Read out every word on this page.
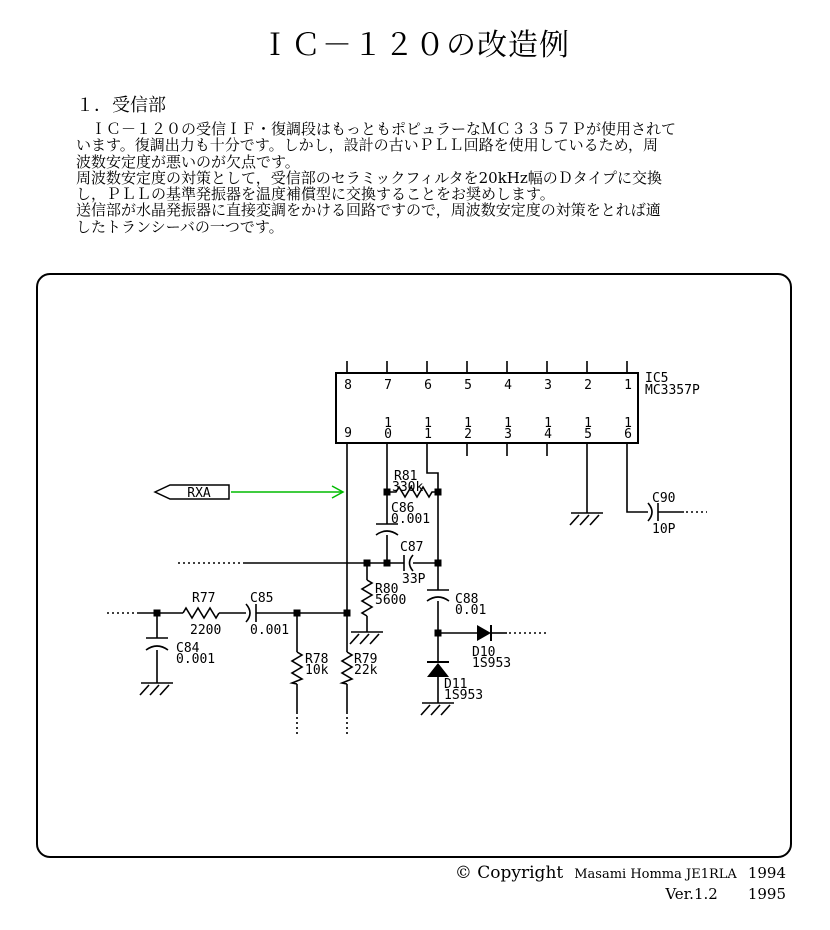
ＩＣ－１２０の改造例
１．受信部
　ＩＣ－１２０の受信ＩＦ・復調段はもっともポピュラーなＭＣ３３５７Ｐが使用されて
います。復調出力も十分です。しかし，設計の古いＰＬＬ回路を使用しているため，周
波数安定度が悪いのが欠点です。
周波数安定度の対策として，受信部のセラミックフィルタを20kHz幅のＤタイプに交換
し，ＰＬＬの基準発振器を温度補償型に交換することをお奨めします。
送信部が水晶発振器に直接変調をかける回路ですので，周波数安定度の対策をとれば適
したトランシーバの一つです。
IC5
MC3357P
8 7 6 5 4 3 2 1
9
1
0
1
1
1
2
1
3
1
4
1
5
1
6
RXA
R81
330k
C86
0.001
C87
33P
R80
5600	C88
0.01
D10
1S953
D11
1S953
C90
10P
R77
2200
C85
0.001
C84
0.001	R78
10k
R79
22k
© Copyright Masami Homma JE1RLA 1994
Ver.1.2 1995
